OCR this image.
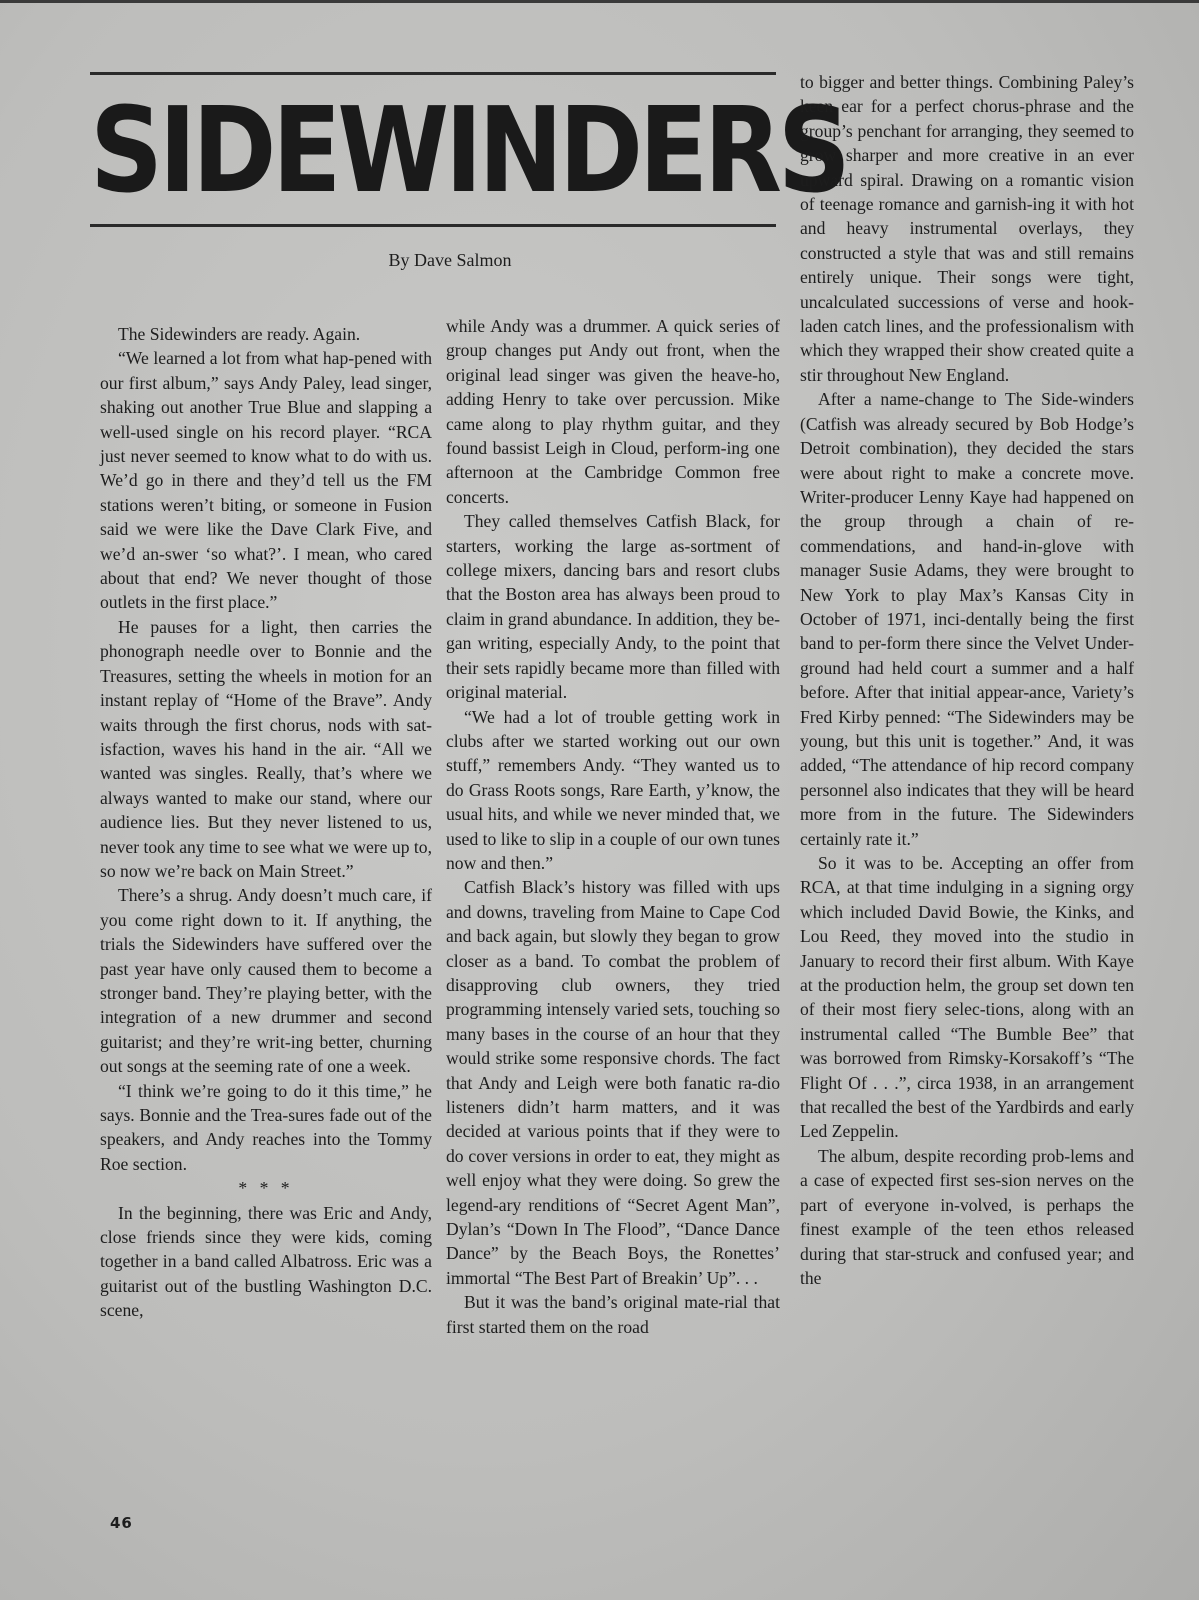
SIDEWINDERS
By Dave Salmon

The Sidewinders are ready. Again.

“We learned a lot from what hap-pened with our first album,” says Andy Paley, lead singer, shaking out another True Blue and slapping a well-used single on his record player. “RCA just never seemed to know what to do with us. We’d go in there and they’d tell us the FM stations weren’t biting, or someone in Fusion said we were like the Dave Clark Five, and we’d an-swer ‘so what?’. I mean, who cared about that end? We never thought of those outlets in the first place.”

He pauses for a light, then carries the phonograph needle over to Bonnie and the Treasures, setting the wheels in motion for an instant replay of “Home of the Brave”. Andy waits through the first chorus, nods with sat-isfaction, waves his hand in the air. “All we wanted was singles. Really, that’s where we always wanted to make our stand, where our audience lies. But they never listened to us, never took any time to see what we were up to, so now we’re back on Main Street.”

There’s a shrug. Andy doesn’t much care, if you come right down to it. If anything, the trials the Sidewinders have suffered over the past year have only caused them to become a stronger band. They’re playing better, with the integration of a new drummer and second guitarist; and they’re writ-ing better, churning out songs at the seeming rate of one a week.

“I think we’re going to do it this time,” he says. Bonnie and the Trea-sures fade out of the speakers, and Andy reaches into the Tommy Roe section.

* * *

In the beginning, there was Eric and Andy, close friends since they were kids, coming together in a band called Albatross. Eric was a guitarist out of the bustling Washington D.C. scene,

while Andy was a drummer. A quick series of group changes put Andy out front, when the original lead singer was given the heave-ho, adding Henry to take over percussion. Mike came along to play rhythm guitar, and they found bassist Leigh in Cloud, perform-ing one afternoon at the Cambridge Common free concerts.

They called themselves Catfish Black, for starters, working the large as-sortment of college mixers, dancing bars and resort clubs that the Boston area has always been proud to claim in grand abundance. In addition, they be-gan writing, especially Andy, to the point that their sets rapidly became more than filled with original material.

“We had a lot of trouble getting work in clubs after we started working out our own stuff,” remembers Andy. “They wanted us to do Grass Roots songs, Rare Earth, y’know, the usual hits, and while we never minded that, we used to like to slip in a couple of our own tunes now and then.”

Catfish Black’s history was filled with ups and downs, traveling from Maine to Cape Cod and back again, but slowly they began to grow closer as a band. To combat the problem of disapproving club owners, they tried programming intensely varied sets, touching so many bases in the course of an hour that they would strike some responsive chords. The fact that Andy and Leigh were both fanatic ra-dio listeners didn’t harm matters, and it was decided at various points that if they were to do cover versions in order to eat, they might as well enjoy what they were doing. So grew the legend-ary renditions of “Secret Agent Man”, Dylan’s “Down In The Flood”, “Dance Dance Dance” by the Beach Boys, the Ronettes’ immortal “The Best Part of Breakin’ Up”. . .

But it was the band’s original mate-rial that first started them on the road

to bigger and better things. Combining Paley’s keen ear for a perfect chorus-phrase and the group’s penchant for arranging, they seemed to grow sharper and more creative in an ever upward spiral. Drawing on a romantic vision of teenage romance and garnish-ing it with hot and heavy instrumental overlays, they constructed a style that was and still remains entirely unique. Their songs were tight, uncalculated successions of verse and hook-laden catch lines, and the professionalism with which they wrapped their show created quite a stir throughout New England.

After a name-change to The Side-winders (Catfish was already secured by Bob Hodge’s Detroit combination), they decided the stars were about right to make a concrete move. Writer-producer Lenny Kaye had happened on the group through a chain of re-commendations, and hand-in-glove with manager Susie Adams, they were brought to New York to play Max’s Kansas City in October of 1971, inci-dentally being the first band to per-form there since the Velvet Under-ground had held court a summer and a half before. After that initial appear-ance, Variety’s Fred Kirby penned: “The Sidewinders may be young, but this unit is together.” And, it was added, “The attendance of hip record company personnel also indicates that they will be heard more from in the future. The Sidewinders certainly rate it.”

So it was to be. Accepting an offer from RCA, at that time indulging in a signing orgy which included David Bowie, the Kinks, and Lou Reed, they moved into the studio in January to record their first album. With Kaye at the production helm, the group set down ten of their most fiery selec-tions, along with an instrumental called “The Bumble Bee” that was borrowed from Rimsky-Korsakoff’s “The Flight Of . . .”, circa 1938, in an arrangement that recalled the best of the Yardbirds and early Led Zeppelin.

The album, despite recording prob-lems and a case of expected first ses-sion nerves on the part of everyone in-volved, is perhaps the finest example of the teen ethos released during that star-struck and confused year; and the

46
